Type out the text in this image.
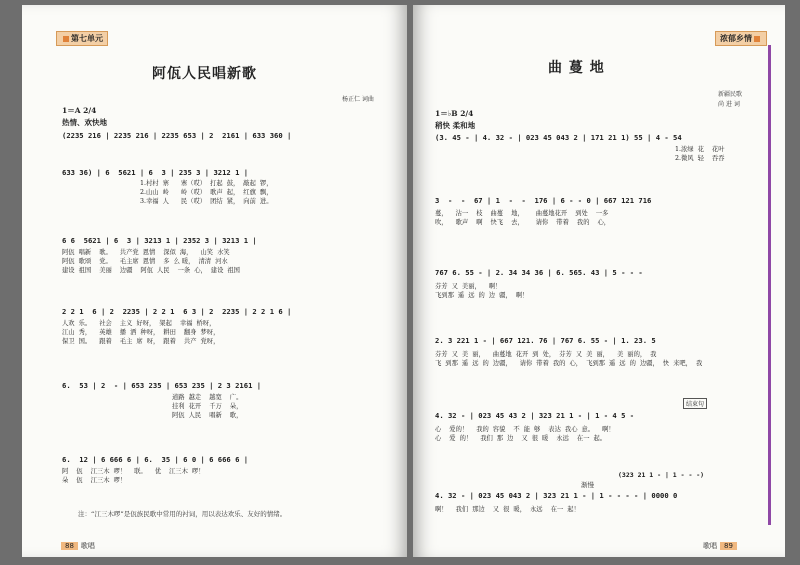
第七单元
阿佤人民唱新歌
杨正仁 词曲
1＝A 2/4
热情、欢快地
(2235 216 | 2235 216 | 2235 653 | 2  2161 | 633 360 |
633 36) | 6  5621 | 6  3 | 235 3 | 3212 1 |
1.村村  寨      寨（哎）  打起  鼓，  敲起  锣，
2.山山  岭      岭（哎）  歌声  起，  红旗  飘，
3.幸福  人      民（哎）  团结  紧，  向前  进。
6 6  5621 | 6  3 | 3213 1 | 2352 3 | 3213 1 |
阿佤  唱新    歌。    共产党  恩情    深似  海，    山笑  水笑
阿佤  歌颂    党。    毛主席  恩情    多  么 暖，  清清  河水
建设  祖国    美丽    边疆    阿佤  人民    一条  心，  建设  祖国
2 2 1  6 | 2  2235 | 2 2 1  6 3 | 2  2235 | 2 2 1 6 |
人欢  乐。    社会    主义  好呀，  架起    幸福  桥呀，
江山  秀，    英雄    播  洒  种呀，  耕田    翻身  梦呀，
保卫  国。    跟着    毛主  席  呀，  跟着    共产  党呀，
6.  53 | 2  - | 653 235 | 653 235 | 2 3 2161 |
道路  越走    越宽    广。
挂利  花开    千万    朵，
阿佤  人民    唱新    歌，
6.  12 | 6 666 6 | 6.  35 | 6 0 | 6 666 6 |
阿    佤    江三木  啰！    联。    优    江三木  啰！
朵    佤    江三木  啰！
注：“江三木啰”是佤族民歌中常用的衬词，用以表达欢乐、友好的情绪。
88 歌唱
浓郁乡情
曲 蔓 地
新疆民歌
尚 进 词
1＝♭B 2/4
稍快 柔和地
(3. 45 - | 4. 32 - | 023 45 043 2 | 171 21 1) 55 | 4 - 54
1.浓绿  花    花叶
2.微风  轻    吞吞
3  -  -  67 | 1  -  -  176 | 6 - - 0 | 667 121 716
蔓，    沾一    枝    曲蔓    地，      曲蔓地花开    到处    一多
吹，    歌声    啊    快飞    去，      请你    带着    我的    心，
767 6. 55 - | 2. 34 34 36 | 6. 565. 43 | 5 - - -
芬芳  又  美丽，    啊！
飞到那  遥  远  的  边  疆，  啊！
2. 3 221 1 - | 667 121. 76 | 767 6. 55 - | 1. 23. 5
芬芳  又  美  丽，    曲蔓地  花开  到  处，  芬芳  又  美  丽，    美  丽的，  我
飞  到那  遥  远  的  边疆，    请你  带着  我的  心，  飞到那  遥  远  的  边疆，  快  来吧，  我
结束句
4. 32 - | 023 45 43 2 | 323 21 1 - | 1 - 4 5 -
心    爱的！    我的  容貌    不  能  够    表达  我心  意。    啊！
心    爱  的！    我们  那  边    又  很  暖    永远    在一  起。
(323 21 1 - | 1 - - -)
渐慢
4. 32 - | 023 45 043 2 | 323 21 1 - | 1 - - - - | 0000 0
啊！    我们  那边    又  很  暖，  永远    在一  起！
歌唱 89
